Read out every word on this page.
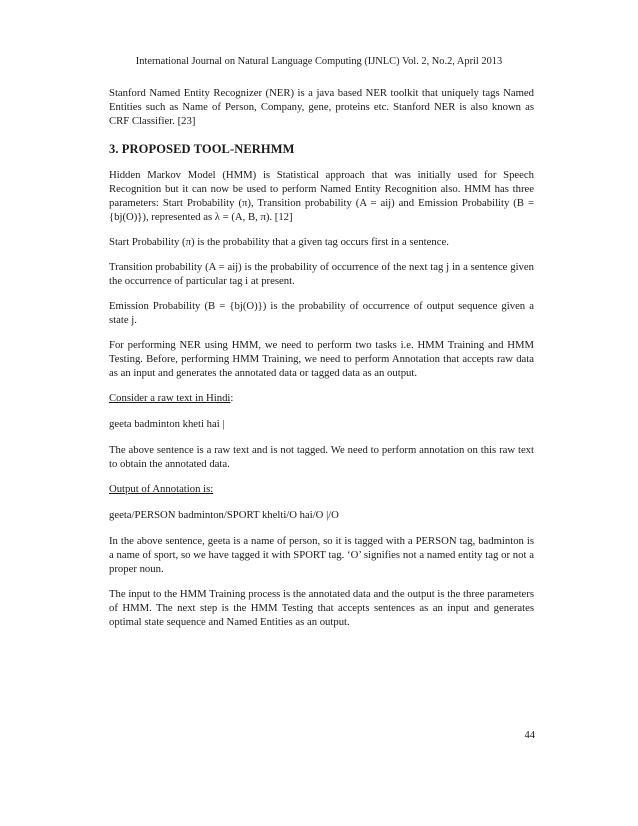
International Journal on Natural Language Computing (IJNLC) Vol. 2, No.2, April 2013

Stanford Named Entity Recognizer (NER) is a java based NER toolkit that uniquely tags Named Entities such as Name of Person, Company, gene, proteins etc. Stanford NER is also known as CRF Classifier. [23]

3. PROPOSED TOOL-NERHMM

Hidden Markov Model (HMM) is Statistical approach that was initially used for Speech Recognition but it can now be used to perform Named Entity Recognition also. HMM has three parameters: Start Probability (π), Transition probability (A = aij) and Emission Probability (B = {bj(O)}), represented as λ = (A, B, π). [12]

Start Probability (π) is the probability that a given tag occurs first in a sentence.

Transition probability (A = aij) is the probability of occurrence of the next tag j in a sentence given the occurrence of particular tag i at present.

Emission Probability (B = {bj(O)}) is the probability of occurrence of output sequence given a state j.

For performing NER using HMM, we need to perform two tasks i.e. HMM Training and HMM Testing. Before, performing HMM Training, we need to perform Annotation that accepts raw data as an input and generates the annotated data or tagged data as an output.

Consider a raw text in Hindi:

geeta badminton kheti hai |

The above sentence is a raw text and is not tagged. We need to perform annotation on this raw text to obtain the annotated data.

Output of Annotation is:

geeta/PERSON badminton/SPORT khelti/O hai/O |/O

In the above sentence, geeta is a name of person, so it is tagged with a PERSON tag, badminton is a name of sport, so we have tagged it with SPORT tag. ‘O’ signifies not a named entity tag or not a proper noun.

The input to the HMM Training process is the annotated data and the output is the three parameters of HMM. The next step is the HMM Testing that accepts sentences as an input and generates optimal state sequence and Named Entities as an output.

44
